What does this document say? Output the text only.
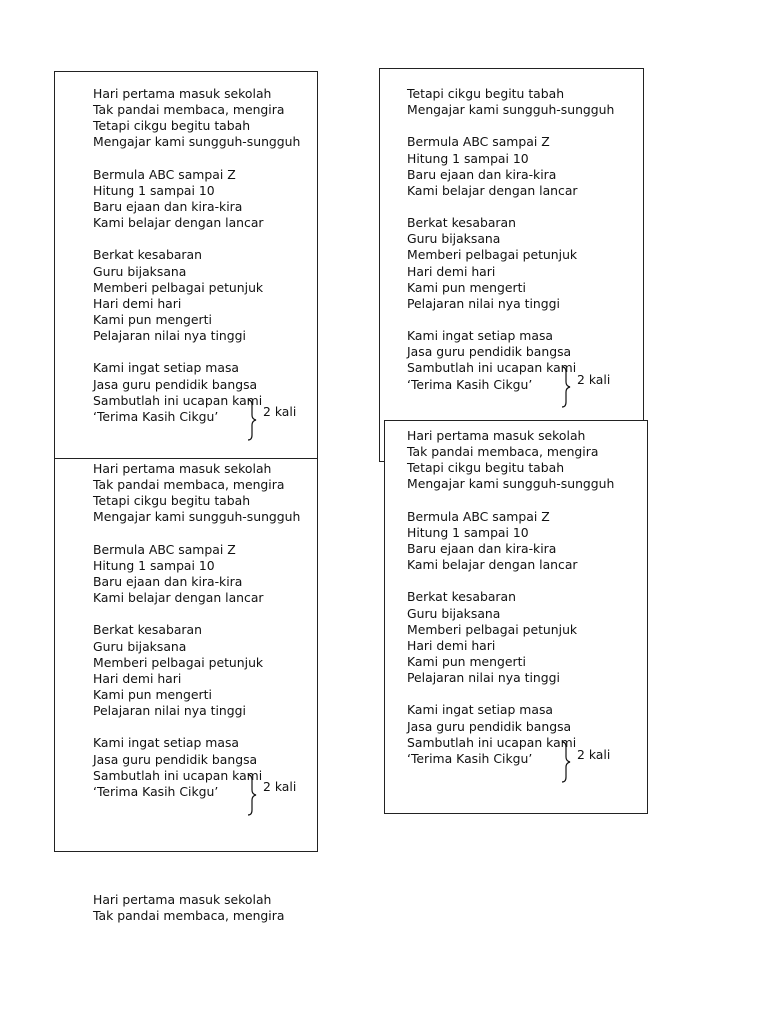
Hari pertama masuk sekolah
Tak pandai membaca, mengira
Tetapi cikgu begitu tabah
Mengajar kami sungguh-sungguh
Bermula ABC sampai Z
Hitung 1 sampai 10
Baru ejaan dan kira-kira
Kami belajar dengan lancar
Berkat kesabaran
Guru bijaksana
Memberi pelbagai petunjuk
Hari demi hari
Kami pun mengerti
Pelajaran nilai nya tinggi
Kami ingat setiap masa
Jasa guru pendidik bangsa
Sambutlah ini ucapan kami
‘Terima Kasih Cikgu’	2 kali
Tetapi cikgu begitu tabah
Mengajar kami sungguh-sungguh
Bermula ABC sampai Z
Hitung 1 sampai 10
Baru ejaan dan kira-kira
Kami belajar dengan lancar
Berkat kesabaran
Guru bijaksana
Memberi pelbagai petunjuk
Hari demi hari
Kami pun mengerti
Pelajaran nilai nya tinggi
Kami ingat setiap masa
Jasa guru pendidik bangsa
Sambutlah ini ucapan kami
‘Terima Kasih Cikgu’	2 kali
Hari pertama masuk sekolah
Tak pandai membaca, mengira
Tetapi cikgu begitu tabah
Mengajar kami sungguh-sungguh
Bermula ABC sampai Z
Hitung 1 sampai 10
Baru ejaan dan kira-kira
Kami belajar dengan lancar
Berkat kesabaran
Guru bijaksana
Memberi pelbagai petunjuk
Hari demi hari
Kami pun mengerti
Pelajaran nilai nya tinggi
Kami ingat setiap masa
Jasa guru pendidik bangsa
Sambutlah ini ucapan kami
‘Terima Kasih Cikgu’	2 kali
Hari pertama masuk sekolah
Tak pandai membaca, mengira
Tetapi cikgu begitu tabah
Mengajar kami sungguh-sungguh
Bermula ABC sampai Z
Hitung 1 sampai 10
Baru ejaan dan kira-kira
Kami belajar dengan lancar
Berkat kesabaran
Guru bijaksana
Memberi pelbagai petunjuk
Hari demi hari
Kami pun mengerti
Pelajaran nilai nya tinggi
Kami ingat setiap masa
Jasa guru pendidik bangsa
Sambutlah ini ucapan kami
‘Terima Kasih Cikgu’	2 kali
Hari pertama masuk sekolah
Tak pandai membaca, mengira
